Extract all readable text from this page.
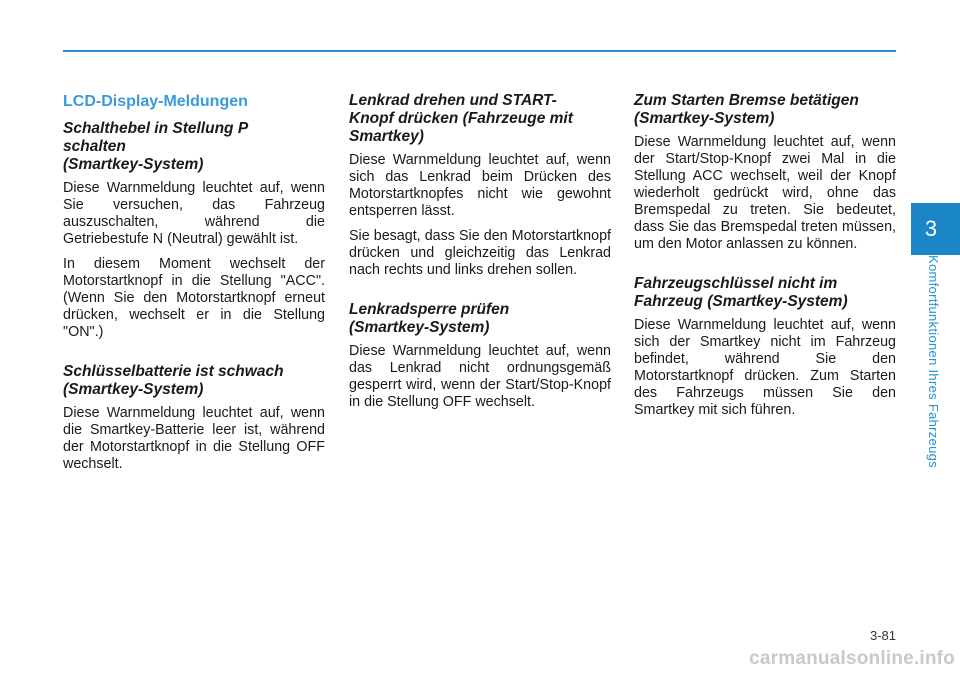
LCD-Display-Meldungen
Schalthebel in Stellung P
schalten
(Smartkey-System)

Diese Warnmeldung leuchtet auf, wenn Sie versuchen, das Fahrzeug auszuschalten, während die Getriebestufe N (Neutral) gewählt ist.

In diesem Moment wechselt der Motorstartknopf in die Stellung "ACC". (Wenn Sie den Motorstartknopf erneut drücken, wechselt er in die Stellung "ON".)

Schlüsselbatterie ist schwach
(Smartkey-System)

Diese Warnmeldung leuchtet auf, wenn die Smartkey-Batterie leer ist, während der Motorstartknopf in die Stellung OFF wechselt.

Lenkrad drehen und START-
Knopf drücken (Fahrzeuge mit
Smartkey)

Diese Warnmeldung leuchtet auf, wenn sich das Lenkrad beim Drücken des Motorstartknopfes nicht wie gewohnt entsperren lässt.

Sie besagt, dass Sie den Motorstartknopf drücken und gleichzeitig das Lenkrad nach rechts und links drehen sollen.

Lenkradsperre prüfen
(Smartkey-System)

Diese Warnmeldung leuchtet auf, wenn das Lenkrad nicht ordnungsgemäß gesperrt wird, wenn der Start/Stop-Knopf in die Stellung OFF wechselt.

Zum Starten Bremse betätigen
(Smartkey-System)

Diese Warnmeldung leuchtet auf, wenn der Start/Stop-Knopf zwei Mal in die Stellung ACC wechselt, weil der Knopf wiederholt gedrückt wird, ohne das Bremspedal zu treten. Sie bedeutet, dass Sie das Bremspedal treten müssen, um den Motor anlassen zu können.

Fahrzeugschlüssel nicht im
Fahrzeug (Smartkey-System)

Diese Warnmeldung leuchtet auf, wenn sich der Smartkey nicht im Fahrzeug befindet, während Sie den Motorstartknopf drücken. Zum Starten des Fahrzeugs müssen Sie den Smartkey mit sich führen.

3
Komfortfunktionen Ihres Fahrzeugs
3-81
carmanualsonline.info
